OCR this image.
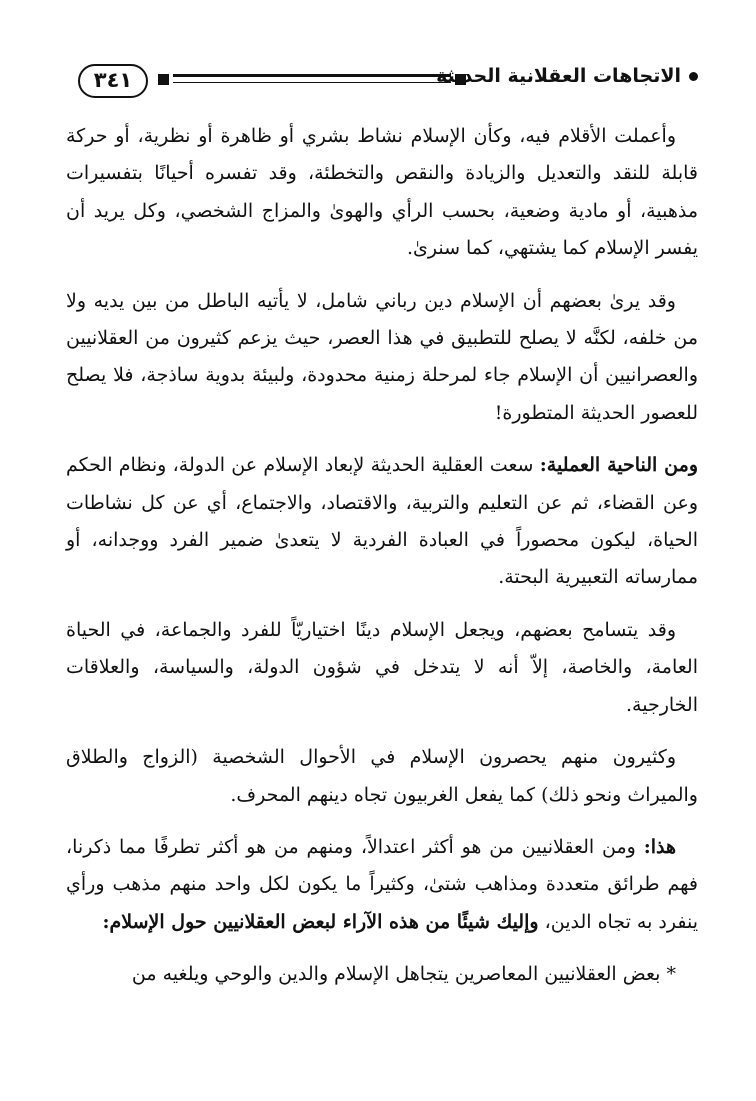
٣٤١	الاتجاهات العقلانية الحديثة

وأعملت الأقلام فيه، وكأن الإسلام نشاط بشري أو ظاهرة أو نظرية، أو حركة قابلة للنقد والتعديل والزيادة والنقص والتخطئة، وقد تفسره أحيانًا بتفسيرات مذهبية، أو مادية وضعية، بحسب الرأي والهوىٰ والمزاج الشخصي، وكل يريد أن يفسر الإسلام كما يشتهي، كما سنرىٰ.

وقد يرىٰ بعضهم أن الإسلام دين رباني شامل، لا يأتيه الباطل من بين يديه ولا من خلفه، لكنَّه لا يصلح للتطبيق في هذا العصر، حيث يزعم كثيرون من العقلانيين والعصرانيين أن الإسلام جاء لمرحلة زمنية محدودة، ولبيئة بدوية ساذجة، فلا يصلح للعصور الحديثة المتطورة!

ومن الناحية العملية: سعت العقلية الحديثة لإبعاد الإسلام عن الدولة، ونظام الحكم وعن القضاء، ثم عن التعليم والتربية، والاقتصاد، والاجتماع، أي عن كل نشاطات الحياة، ليكون محصوراً في العبادة الفردية لا يتعدىٰ ضمير الفرد ووجدانه، أو ممارساته التعبيرية البحتة.

وقد يتسامح بعضهم، ويجعل الإسلام دينًا اختياريّاً للفرد والجماعة، في الحياة العامة، والخاصة، إلاّ أنه لا يتدخل في شؤون الدولة، والسياسة، والعلاقات الخارجية.

وكثيرون منهم يحصرون الإسلام في الأحوال الشخصية (الزواج والطلاق والميراث ونحو ذلك) كما يفعل الغربيون تجاه دينهم المحرف.

هذا: ومن العقلانيين من هو أكثر اعتدالاً، ومنهم من هو أكثر تطرفًا مما ذكرنا، فهم طرائق متعددة ومذاهب شتىٰ، وكثيراً ما يكون لكل واحد منهم مذهب ورأي ينفرد به تجاه الدين، وإليك شيئًا من هذه الآراء لبعض العقلانيين حول الإسلام:

* بعض العقلانيين المعاصرين يتجاهل الإسلام والدين والوحي ويلغيه من
